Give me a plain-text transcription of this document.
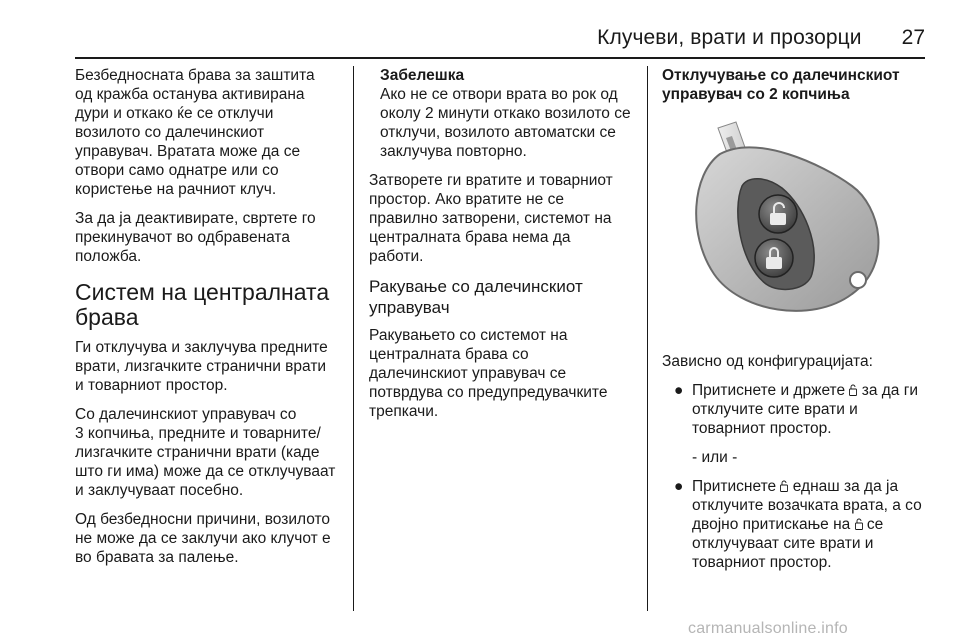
Клучеви, врати и прозорци 27

Безбедносната брава за заштита
од кражба останува активирана
дури и откако ќе се отклучи
возилото со далечинскиот
управувач. Вратата може да се
отвори само однатре или со
користење на рачниот клуч.

За да ја деактивирате, свртете го
прекинувачот во одбравената
положба.

Систем на централната
брава

Ги отклучува и заклучува предните
врати, лизгачките странични врати
и товарниот простор.

Со далечинскиот управувач со
3 копчиња, предните и товарните/
лизгачките странични врати (каде
што ги има) може да се отклучуваат
и заклучуваат посебно.

Од безбедносни причини, возилото
не може да се заклучи ако клучот е
во бравата за палење.

Забелешка
Ако не се отвори врата во рок од
околу 2 минути откако возилото се
отклучи, возилото автоматски се
заклучува повторно.

Затворете ги вратите и товарниот
простор. Ако вратите не се
правилно затворени, системот на
централната брава нема да
работи.

Ракување со далечинскиот
управувач

Ракувањето со системот на
централната брава со
далечинскиот управувач се
потврдува со предупредувачките
трепкачи.

Отклучување со далечинскиот
управувач со 2 копчиња

Зависно од конфигурацијата:

● Притиснете и држете  за да ги отклучите сите врати и товарниот простор.
- или -
● Притиснете  еднаш за да ја отклучите возачката врата, а со двојно притискање на  се отклучуваат сите врати и товарниот простор.
carmanualsonline.info
